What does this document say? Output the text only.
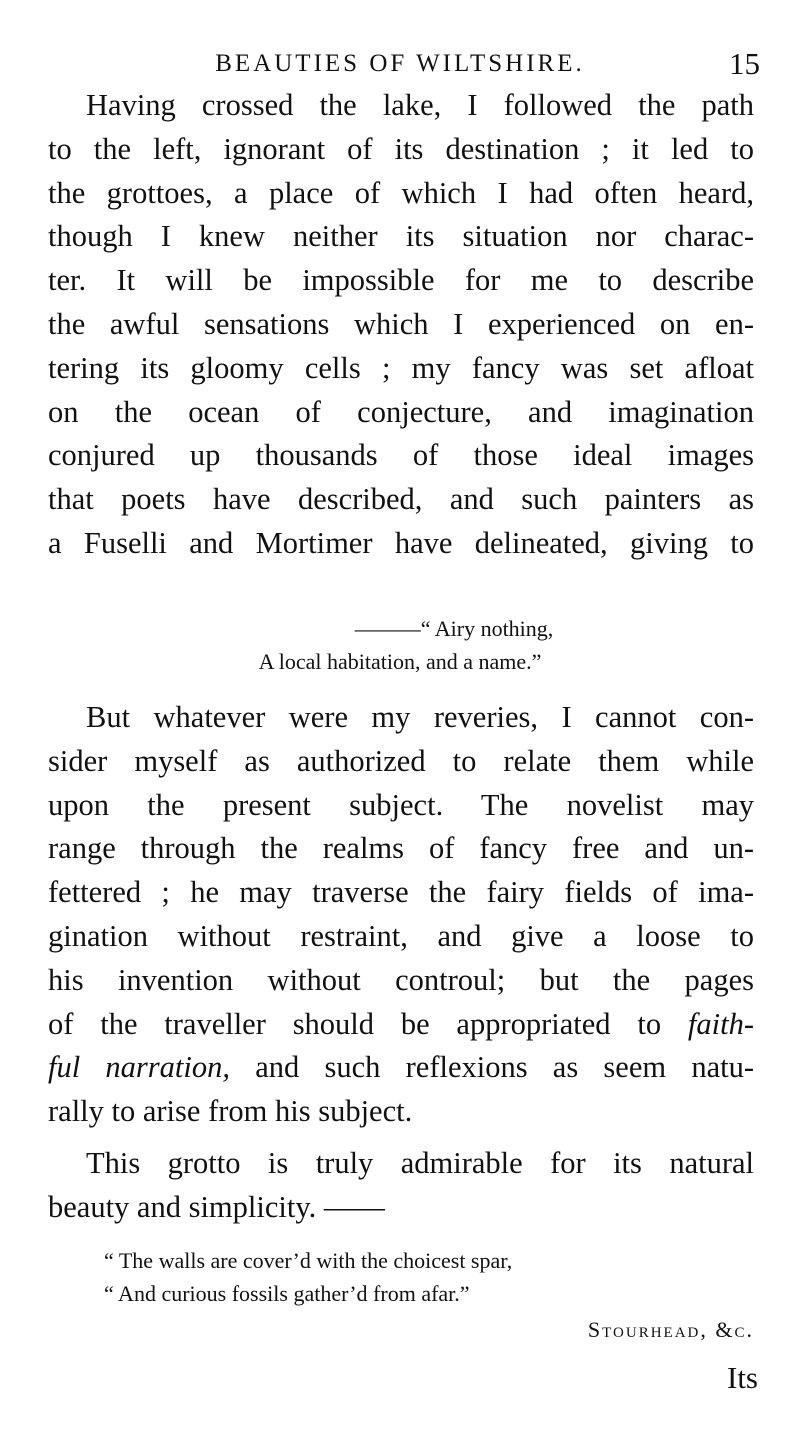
BEAUTIES OF WILTSHIRE.	15
Having crossed the lake, I followed the path
to the left, ignorant of its destination ; it led to
the grottoes, a place of which I had often heard,
though I knew neither its situation nor charac-
ter. It will be impossible for me to describe
the awful sensations which I experienced on en-
tering its gloomy cells ; my fancy was set afloat
on the ocean of conjecture, and imagination
conjured up thousands of those ideal images
that poets have described, and such painters as
a Fuselli and Mortimer have delineated, giving to
———“ Airy nothing,
A local habitation, and a name.”
But whatever were my reveries, I cannot con-
sider myself as authorized to relate them while
upon the present subject. The novelist may
range through the realms of fancy free and un-
fettered ; he may traverse the fairy fields of ima-
gination without restraint, and give a loose to
his invention without controul; but the pages
of the traveller should be appropriated to faith-
ful narration, and such reflexions as seem natu-
rally to arise from his subject.
This grotto is truly admirable for its natural
beauty and simplicity. ——
“ The walls are cover’d with the choicest spar,
“ And curious fossils gather’d from afar.”
Stourhead, &c.
Its
